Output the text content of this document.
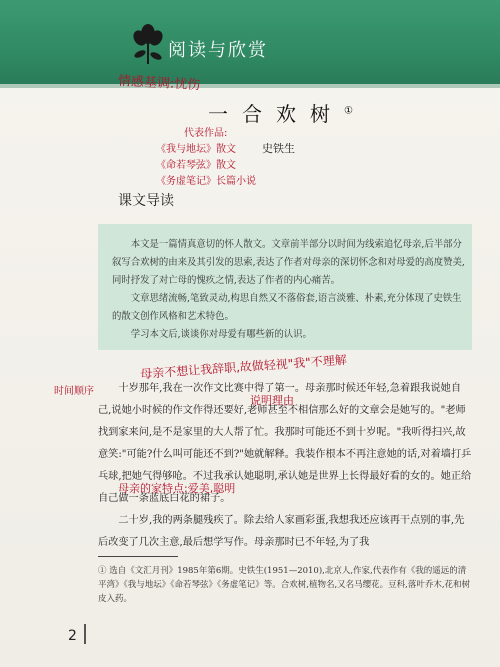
阅读与欣赏
情感基调:忧伤
一合欢树①
代表作品:
《我与地坛》散文
《命若琴弦》散文
《务虚笔记》长篇小说
史铁生
课文导读

本文是一篇情真意切的怀人散文。文章前半部分以时间为线索追忆母亲,后半部分叙写合欢树的由来及其引发的思索,表达了作者对母亲的深切怀念和对母爱的高度赞美,同时抒发了对亡母的愧疚之情,表达了作者的内心痛苦。

文章思绪流畅,笔致灵动,构思自然又不落俗套,语言淡雅、朴素,充分体现了史铁生的散文创作风格和艺术特色。

学习本文后,谈谈你对母爱有哪些新的认识。

母亲不想让我辞职,故做轻视"我"不理解
时间顺序	十岁那年,我在一次作文比赛中得了第一。母亲那时候还年轻,急着跟我说她自己,说她小时候的作文作得还要好,老师甚至不相信那么好的文章会是她写的。"老师找到家来问,是不是家里的大人帮了忙。我那时可能还不到十岁呢。"我听得扫兴,故意笑:"可能?什么叫可能还不到?"她就解释。我装作根本不再注意她的话,对着墙打乒乓球,把她气得够呛。不过我承认她聪明,承认她是世界上长得最好看的女的。她正给自己做一条蓝底白花的裙子。

二十岁,我的两条腿残疾了。除去给人家画彩蛋,我想我还应该再干点别的事,先后改变了几次主意,最后想学写作。母亲那时已不年轻,为了我

说明理由
母亲的家特点:爱美,聪明
① 选自《文汇月刊》1985年第6期。史铁生(1951—2010),北京人,作家,代表作有《我的遥远的清平湾》《我与地坛》《命若琴弦》《务虚笔记》等。合欢树,植物名,又名马缨花。豆科,落叶乔木,花和树皮入药。
2
